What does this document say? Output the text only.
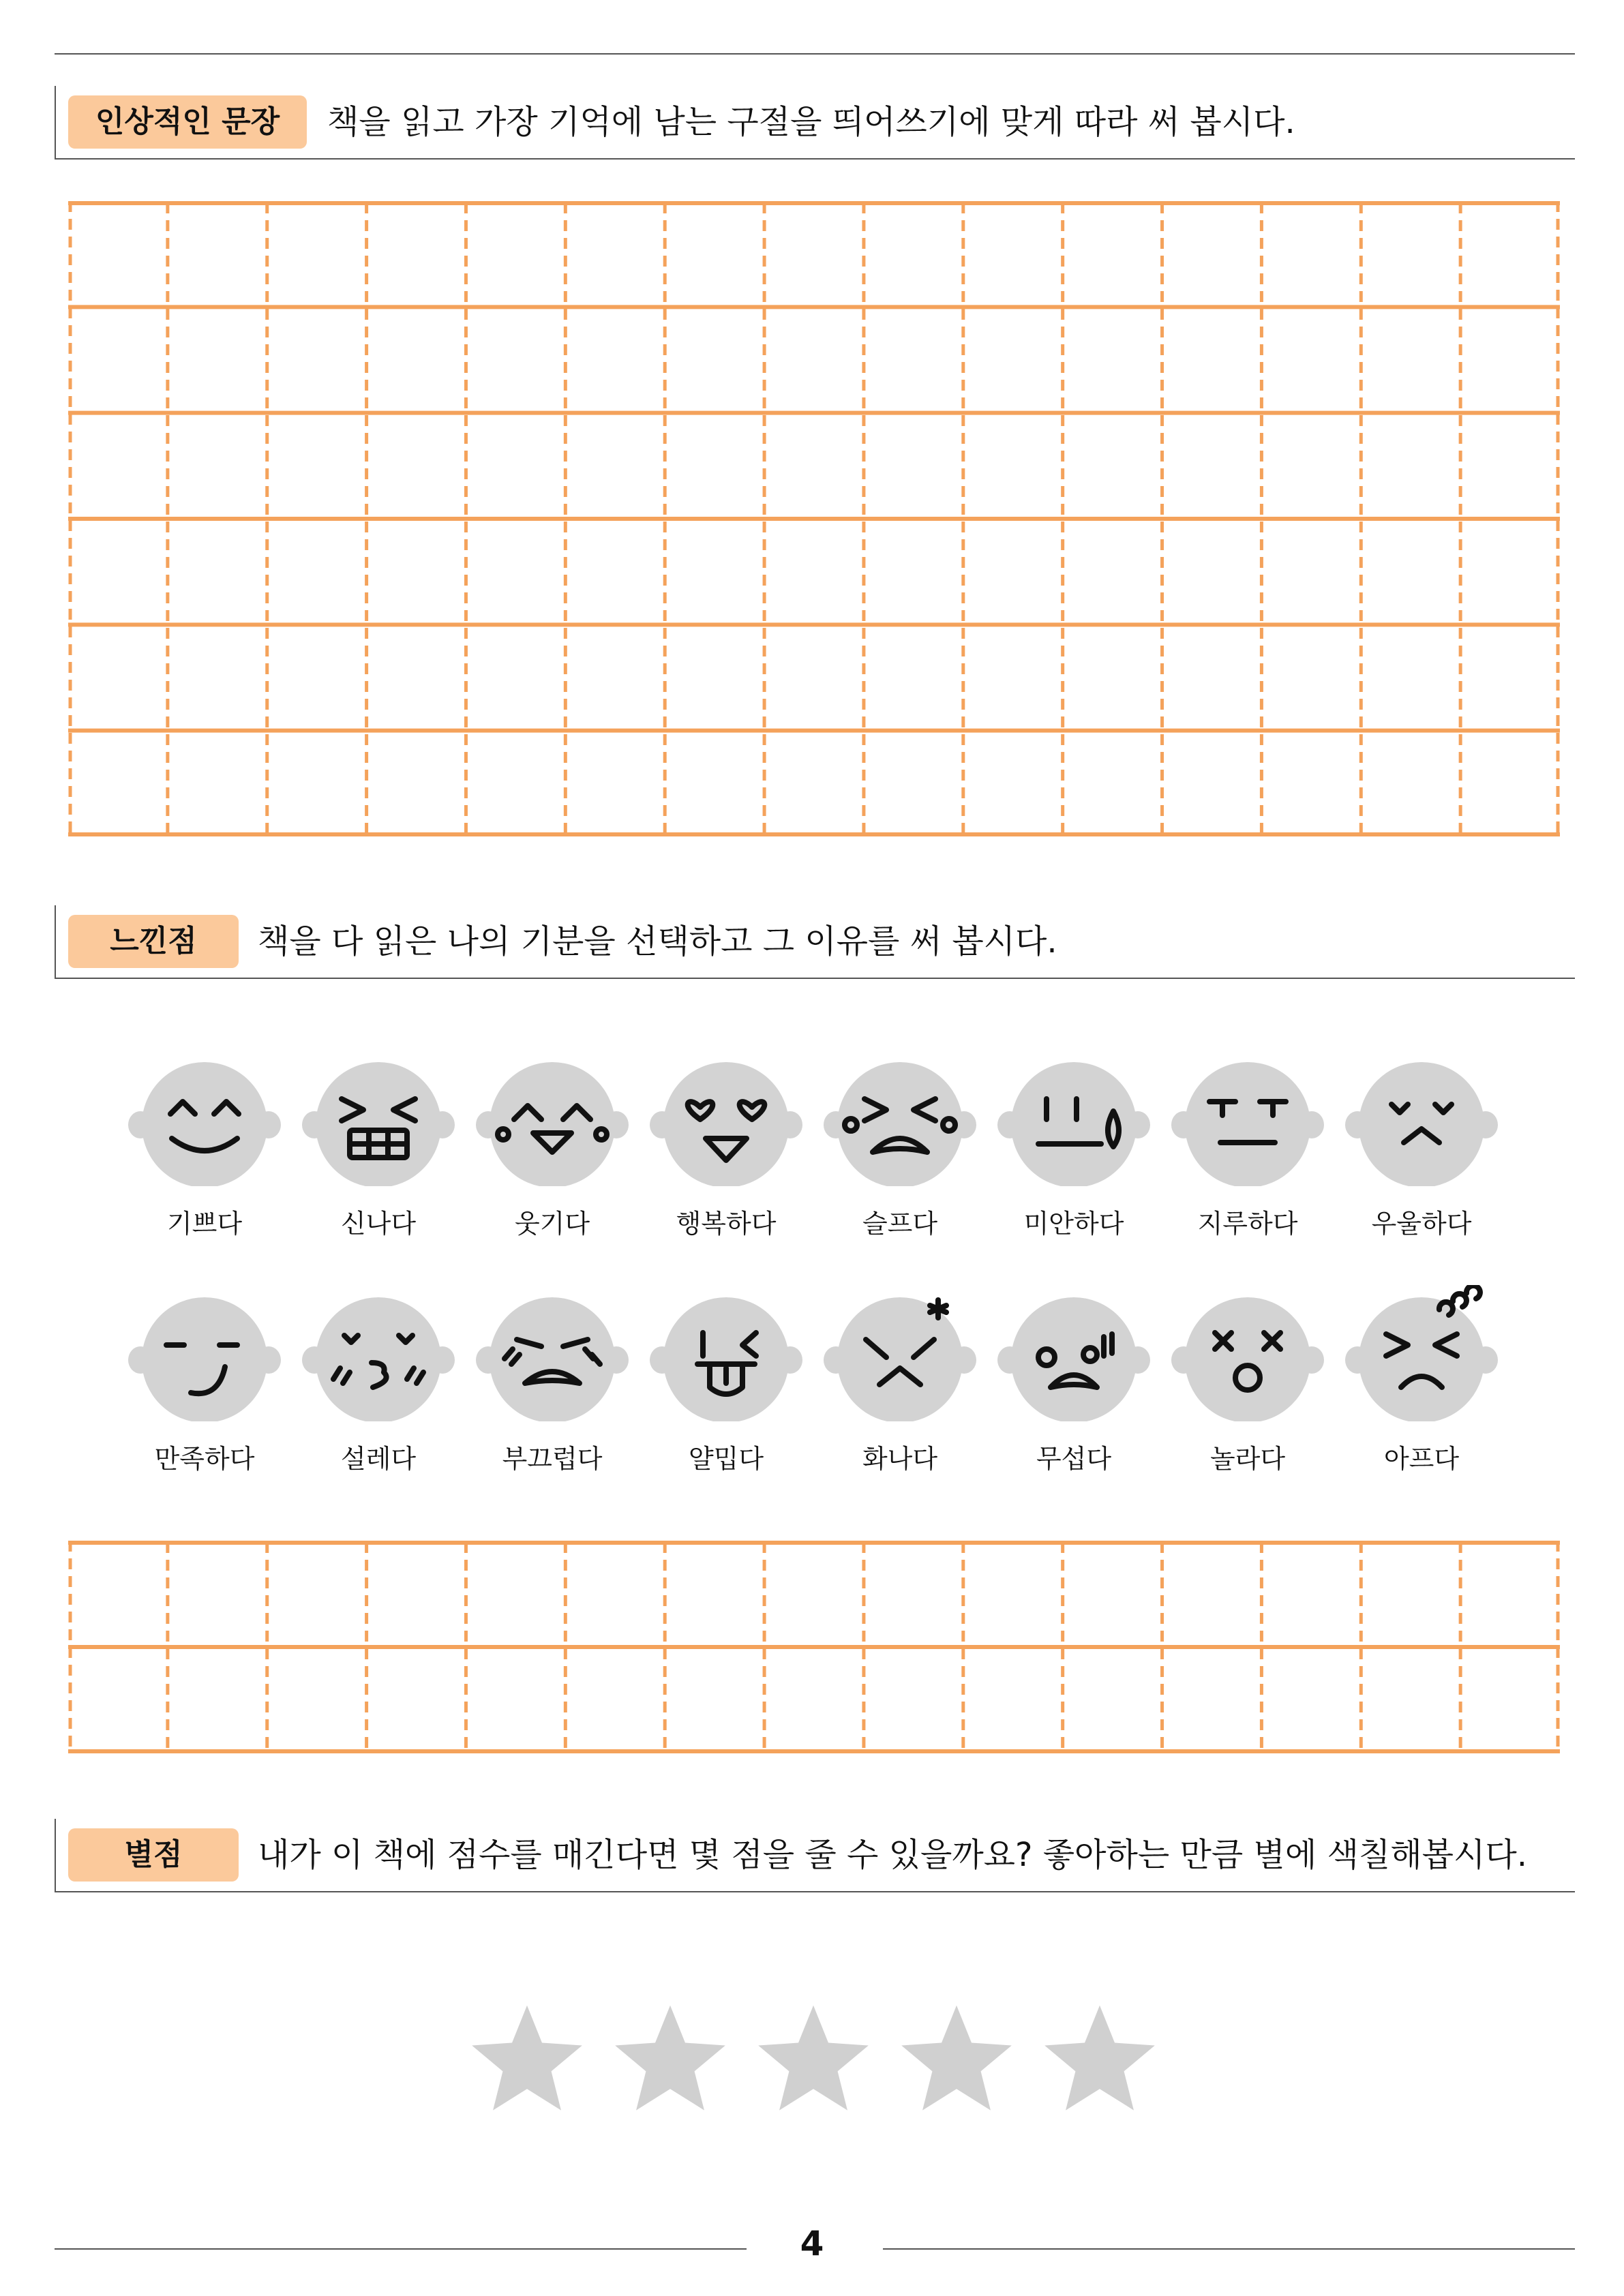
인상적인 문장	책을 읽고 가장 기억에 남는 구절을 띄어쓰기에 맞게 따라 써 봅시다.
느낀점	책을 다 읽은 나의 기분을 선택하고 그 이유를 써 봅시다.
기쁘다	신나다	웃기다	행복하다	슬프다	미안하다	지루하다	우울하다
만족하다	설레다	부끄럽다	얄밉다	화나다	무섭다	놀라다	아프다
별점	내가 이 책에 점수를 매긴다면 몇 점을 줄 수 있을까요? 좋아하는 만큼 별에 색칠해봅시다.
4
